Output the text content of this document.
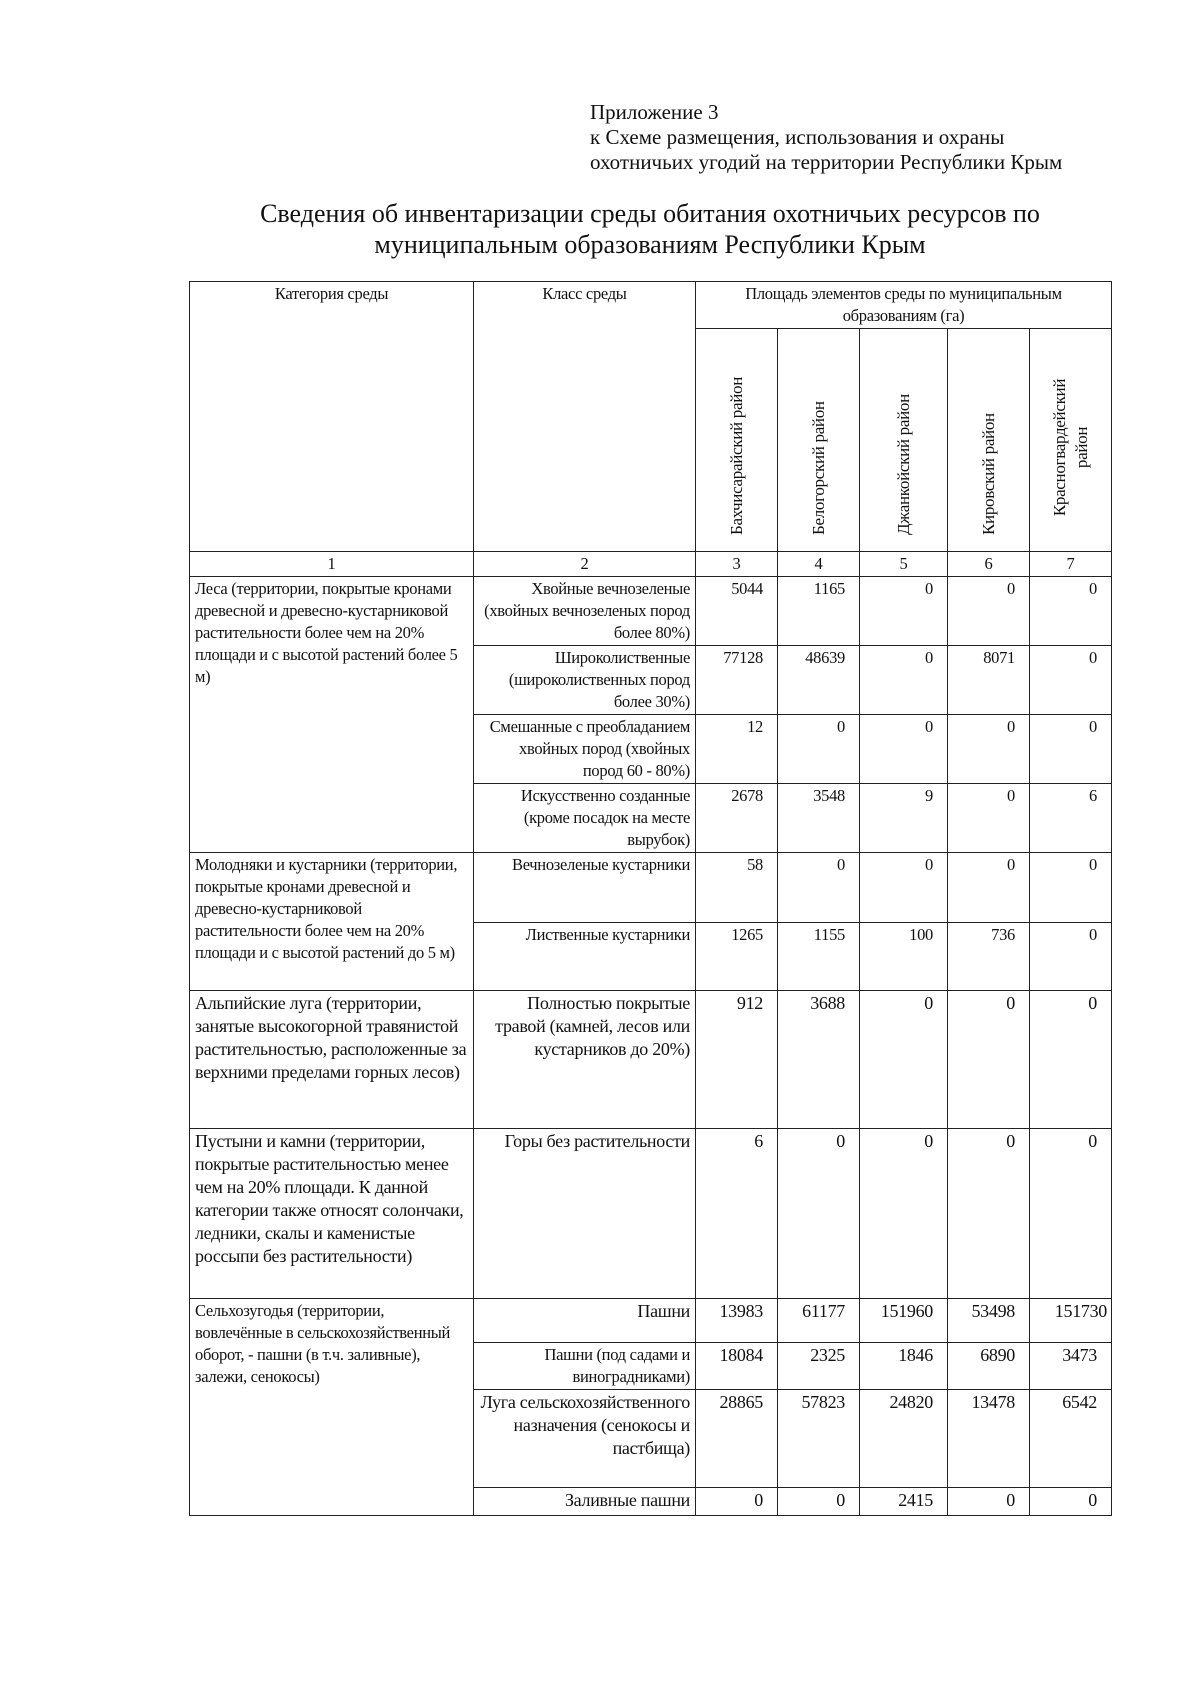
Приложение 3
к Схеме размещения, использования и охраны
охотничьих угодий на территории Республики Крым
Сведения об инвентаризации среды обитания охотничьих ресурсов по
муниципальным образованиям Республики Крым
Категория среды	Класс среды	Площадь элементов среды по муниципальным образованиям (га)				

		Бахчисарайский район	Белогорский район	Джанкойский район	Кировский район	Красногвардейский район

1	2	3	4	5	6	7
Леса (территории, покрытые кронами древесной и древесно-кустарниковой растительности более чем на 20% площади и с высотой растений более 5 м)	Хвойные вечнозеленые (хвойных вечнозеленых пород более 80%)	5044	1165	0	0	0
	Широколиственные (широколиственных пород более 30%)	77128	48639	0	8071	0
	Смешанные с преобладанием хвойных пород (хвойных пород 60 - 80%)	12	0	0	0	0
	Искусственно созданные (кроме посадок на месте вырубок)	2678	3548	9	0	6
Молодняки и кустарники (территории, покрытые кронами древесной и древесно-кустарниковой растительности более чем на 20% площади и с высотой растений до 5 м)	Вечнозеленые кустарники	58	0	0	0	0
	Лиственные кустарники	1265	1155	100	736	0
Альпийские луга (территории, занятые высокогорной травянистой растительностью, расположенные за верхними пределами горных лесов)	Полностью покрытые травой (камней, лесов или кустарников до 20%)	912	3688	0	0	0
Пустыни и камни (территории, покрытые растительностью менее чем на 20% площади. К данной категории также относят солончаки, ледники, скалы и каменистые россыпи без растительности)	Горы без растительности	6	0	0	0	0
Сельхозугодья (территории, вовлечённые в сельскохозяйственный оборот, - пашни (в т.ч. заливные), залежи, сенокосы)	Пашни	13983	61177	151960	53498	151730
	Пашни (под садами и виноградниками)	18084	2325	1846	6890	3473
	Луга сельскохозяйственного назначения (сенокосы и пастбища)	28865	57823	24820	13478	6542
	Заливные пашни	0	0	2415	0	0
